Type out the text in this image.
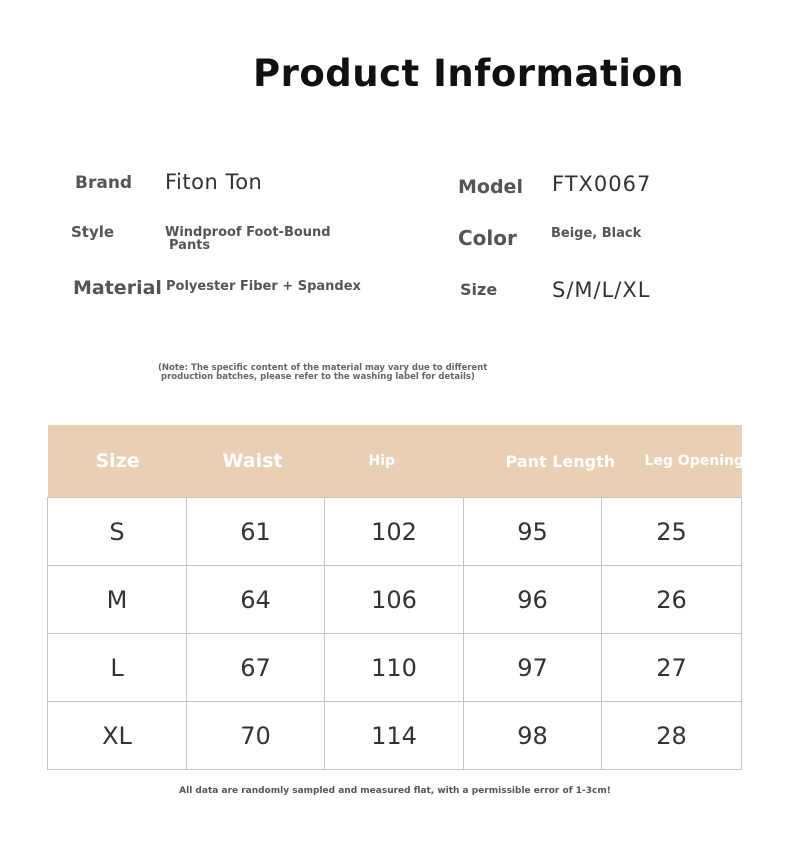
Product Information
Brand Fiton Ton
Style	Windproof Foot-Bound
Pants
Material Polyester Fiber + Spandex
Model FTX0067
Color	Beige, Black
Size	S/M/L/XL
(Note: The specific content of the material may vary due to different
production batches, please refer to the washing label for details)
Size	Waist	Hip	Pant Length	Leg Opening
S	61	102	95	25
M	64	106	96	26
L	67	110	97	27
XL	70	114	98	28
All data are randomly sampled and measured flat, with a permissible error of 1-3cm!
